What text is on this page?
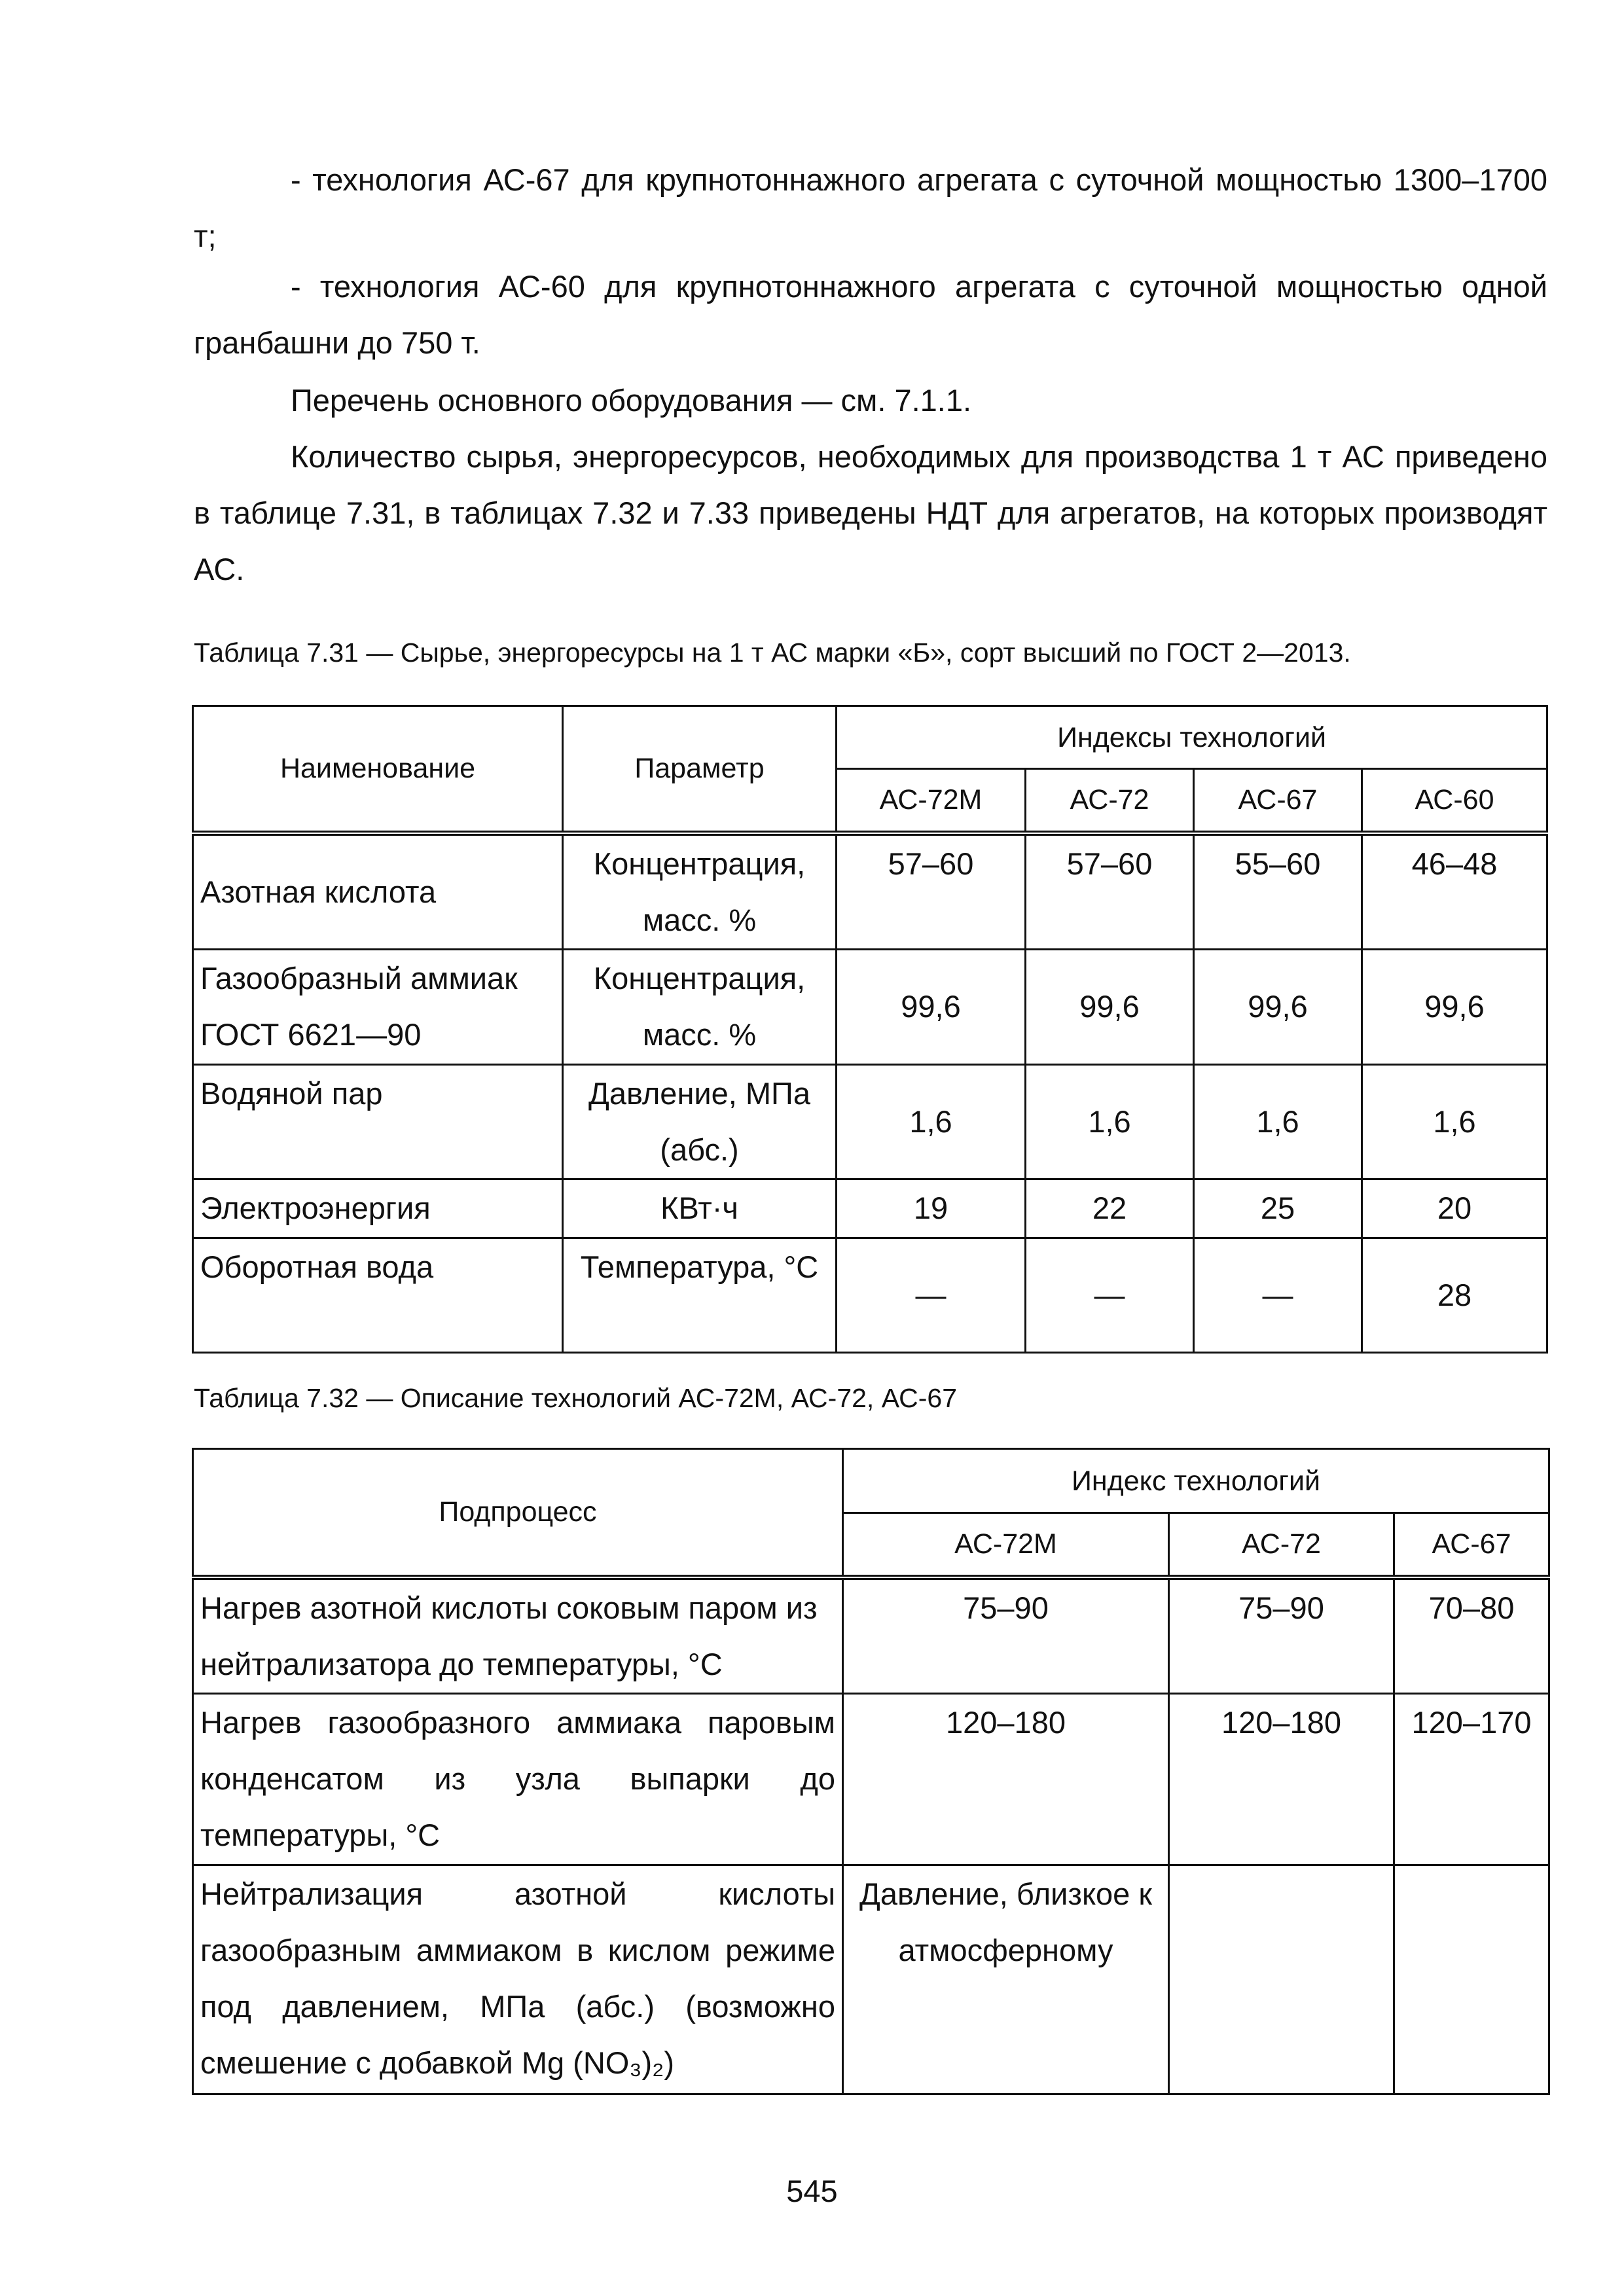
- технология АС-67 для крупнотоннажного агрегата с суточной мощностью 1300–1700 т;

- технология АС-60 для крупнотоннажного агрегата с суточной мощностью одной гранбашни до 750 т.

Перечень основного оборудования — см. 7.1.1.

Количество сырья, энергоресурсов, необходимых для производства 1 т АС приведено в таблице 7.31, в таблицах 7.32 и 7.33 приведены НДТ для агрегатов, на которых производят АС.

Таблица 7.31 — Сырье, энергоресурсы на 1 т АС марки «Б», сорт высший по ГОСТ 2—2013.

Наименование	Параметр	Индексы технологий			
		АС-72М	АС-72	АС-67	АС-60
Азотная кислота	Концентрация, масс. %	57–60	57–60	55–60	46–48
Газообразный аммиак ГОСТ 6621—90	Концентрация, масс. %	99,6	99,6	99,6	99,6
Водяной пар	Давление, МПа (абс.)	1,6	1,6	1,6	1,6
Электроэнергия	КВт·ч	19	22	25	20
Оборотная вода	Температура, °С	—	—	—	28

Таблица 7.32 — Описание технологий АС-72М, АС-72, АС-67

Подпроцесс	Индекс технологий		
	АС-72М	АС-72	АС-67
Нагрев азотной кислоты соковым паром из нейтрализатора до температуры, °С	75–90	75–90	70–80
Нагрев газообразного аммиака паровым конденсатом из узла выпарки до температуры, °С	120–180	120–180	120–170
Нейтрализация азотной кислоты газообразным аммиаком в кислом режиме под давлением, МПа (абс.) (возможно смешение с добавкой Mg (NO₃)₂)	Давление, близкое к атмосферному		
545
